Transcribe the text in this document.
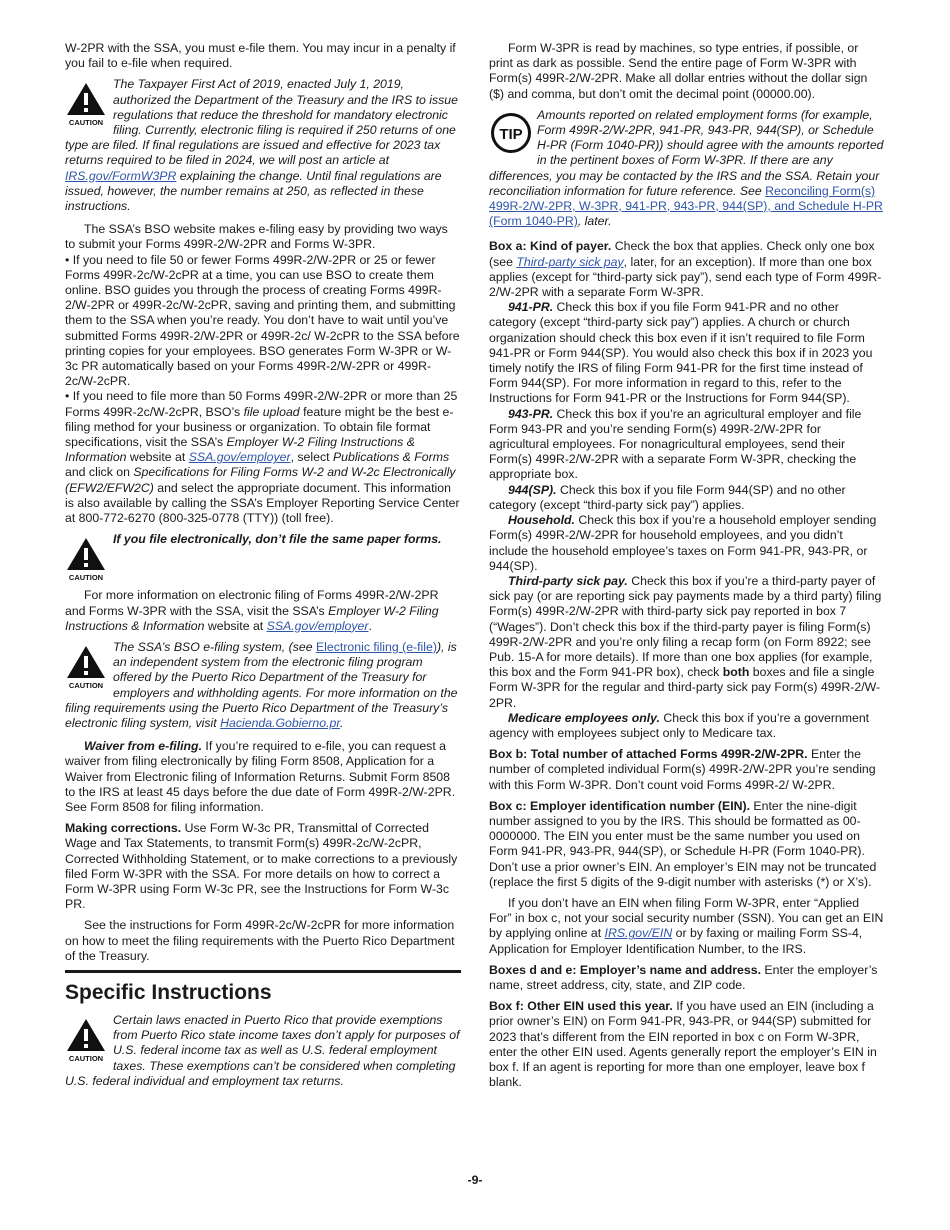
W-2PR with the SSA, you must e-file them. You may incur in a penalty if you fail to e-file when required.

CAUTION
The Taxpayer First Act of 2019, enacted July 1, 2019, authorized the Department of the Treasury and the IRS to issue regulations that reduce the threshold for mandatory electronic filing. Currently, electronic filing is required if 250 returns of one type are filed. If final regulations are issued and effective for 2023 tax returns required to be filed in 2024, we will post an article at IRS.gov/FormW3PR explaining the change. Until final regulations are issued, however, the number remains at 250, as reflected in these instructions.

The SSA’s BSO website makes e-filing easy by providing two ways to submit your Forms 499R-2/W-2PR and Forms W-3PR.

• If you need to file 50 or fewer Forms 499R-2/W-2PR or 25 or fewer Forms 499R-2c/W-2cPR at a time, you can use BSO to create them online. BSO guides you through the process of creating Forms 499R-2/W-2PR or 499R-2c/W-2cPR, saving and printing them, and submitting them to the SSA when you’re ready. You don’t have to wait until you’ve submitted Forms 499R-2/W-2PR or 499R-2c/ W-2cPR to the SSA before printing copies for your employees. BSO generates Form W-3PR or W-3c PR automatically based on your Forms 499R-2/W-2PR or 499R-2c/W-2cPR.

• If you need to file more than 50 Forms 499R-2/W-2PR or more than 25 Forms 499R-2c/W-2cPR, BSO’s file upload feature might be the best e-filing method for your business or organization. To obtain file format specifications, visit the SSA’s Employer W-2 Filing Instructions & Information website at SSA.gov/employer, select Publications & Forms and click on Specifications for Filing Forms W-2 and W-2c Electronically (EFW2/EFW2C) and select the appropriate document. This information is also available by calling the SSA’s Employer Reporting Service Center at 800-772-6270 (800-325-0778 (TTY)) (toll free).

CAUTION
If you file electronically, don’t file the same paper forms.

For more information on electronic filing of Forms 499R-2/W-2PR and Forms W-3PR with the SSA, visit the SSA’s Employer W-2 Filing Instructions & Information website at SSA.gov/employer.

CAUTION
The SSA’s BSO e-filing system, (see Electronic filing (e-file)), is an independent system from the electronic filing program offered by the Puerto Rico Department of the Treasury for employers and withholding agents. For more information on the filing requirements using the Puerto Rico Department of the Treasury’s electronic filing system, visit Hacienda.Gobierno.pr.

Waiver from e-filing. If you’re required to e-file, you can request a waiver from filing electronically by filing Form 8508, Application for a Waiver from Electronic filing of Information Returns. Submit Form 8508 to the IRS at least 45 days before the due date of Form 499R-2/W-2PR. See Form 8508 for filing information.

Making corrections. Use Form W-3c PR, Transmittal of Corrected Wage and Tax Statements, to transmit Form(s) 499R-2c/W-2cPR, Corrected Withholding Statement, or to make corrections to a previously filed Form W-3PR with the SSA. For more details on how to correct a Form W-3PR using Form W-3c PR, see the Instructions for Form W-3c PR.

See the instructions for Form 499R-2c/W-2cPR for more information on how to meet the filing requirements with the Puerto Rico Department of the Treasury.

Specific Instructions
CAUTION
Certain laws enacted in Puerto Rico that provide exemptions from Puerto Rico state income taxes don’t apply for purposes of U.S. federal income tax as well as U.S. federal employment taxes. These exemptions can’t be considered when completing U.S. federal individual and employment tax returns.

Form W-3PR is read by machines, so type entries, if possible, or print as dark as possible. Send the entire page of Form W-3PR with Form(s) 499R-2/W-2PR. Make all dollar entries without the dollar sign ($) and comma, but don’t omit the decimal point (00000.00).

TIP
Amounts reported on related employment forms (for example, Form 499R-2/W-2PR, 941-PR, 943-PR, 944(SP), or Schedule H-PR (Form 1040-PR)) should agree with the amounts reported in the pertinent boxes of Form W-3PR. If there are any differences, you may be contacted by the IRS and the SSA. Retain your reconciliation information for future reference. See Reconciling Form(s) 499R-2/W-2PR, W-3PR, 941-PR, 943-PR, 944(SP), and Schedule H-PR (Form 1040-PR), later.

Box a: Kind of payer. Check the box that applies. Check only one box (see Third-party sick pay, later, for an exception). If more than one box applies (except for “third-party sick pay”), send each type of Form 499R-2/W-2PR with a separate Form W-3PR.

941-PR. Check this box if you file Form 941-PR and no other category (except “third-party sick pay”) applies. A church or church organization should check this box even if it isn’t required to file Form 941-PR or Form 944(SP). You would also check this box if in 2023 you timely notify the IRS of filing Form 941-PR for the first time instead of Form 944(SP). For more information in regard to this, refer to the Instructions for Form 941-PR or the Instructions for Form 944(SP).

943-PR. Check this box if you’re an agricultural employer and file Form 943-PR and you’re sending Form(s) 499R-2/W-2PR for agricultural employees. For nonagricultural employees, send their Form(s) 499R-2/W-2PR with a separate Form W-3PR, checking the appropriate box.

944(SP). Check this box if you file Form 944(SP) and no other category (except “third-party sick pay”) applies.

Household. Check this box if you’re a household employer sending Form(s) 499R-2/W-2PR for household employees, and you didn’t include the household employee’s taxes on Form 941-PR, 943-PR, or 944(SP).

Third-party sick pay. Check this box if you’re a third-party payer of sick pay (or are reporting sick pay payments made by a third party) filing Form(s) 499R-2/W-2PR with third-party sick pay reported in box 7 (“Wages”). Don’t check this box if the third-party payer is filing Form(s) 499R-2/W-2PR and you’re only filing a recap form (on Form 8922; see Pub. 15-A for more details). If more than one box applies (for example, this box and the Form 941-PR box), check both boxes and file a single Form W-3PR for the regular and third-party sick pay Form(s) 499R-2/W-2PR.

Medicare employees only. Check this box if you’re a government agency with employees subject only to Medicare tax.

Box b: Total number of attached Forms 499R-2/W-2PR. Enter the number of completed individual Form(s) 499R-2/W-2PR you’re sending with this Form W-3PR. Don’t count void Forms 499R-2/ W-2PR.

Box c: Employer identification number (EIN). Enter the nine-digit number assigned to you by the IRS. This should be formatted as 00-0000000. The EIN you enter must be the same number you used on Form 941-PR, 943-PR, 944(SP), or Schedule H-PR (Form 1040-PR). Don’t use a prior owner’s EIN. An employer’s EIN may not be truncated (replace the first 5 digits of the 9-digit number with asterisks (*) or X’s).

If you don’t have an EIN when filing Form W-3PR, enter “Applied For” in box c, not your social security number (SSN). You can get an EIN by applying online at IRS.gov/EIN or by faxing or mailing Form SS-4, Application for Employer Identification Number, to the IRS.

Boxes d and e: Employer’s name and address. Enter the employer’s name, street address, city, state, and ZIP code.

Box f: Other EIN used this year. If you have used an EIN (including a prior owner’s EIN) on Form 941-PR, 943-PR, or 944(SP) submitted for 2023 that’s different from the EIN reported in box c on Form W-3PR, enter the other EIN used. Agents generally report the employer’s EIN in box f. If an agent is reporting for more than one employer, leave box f blank.

-9-
